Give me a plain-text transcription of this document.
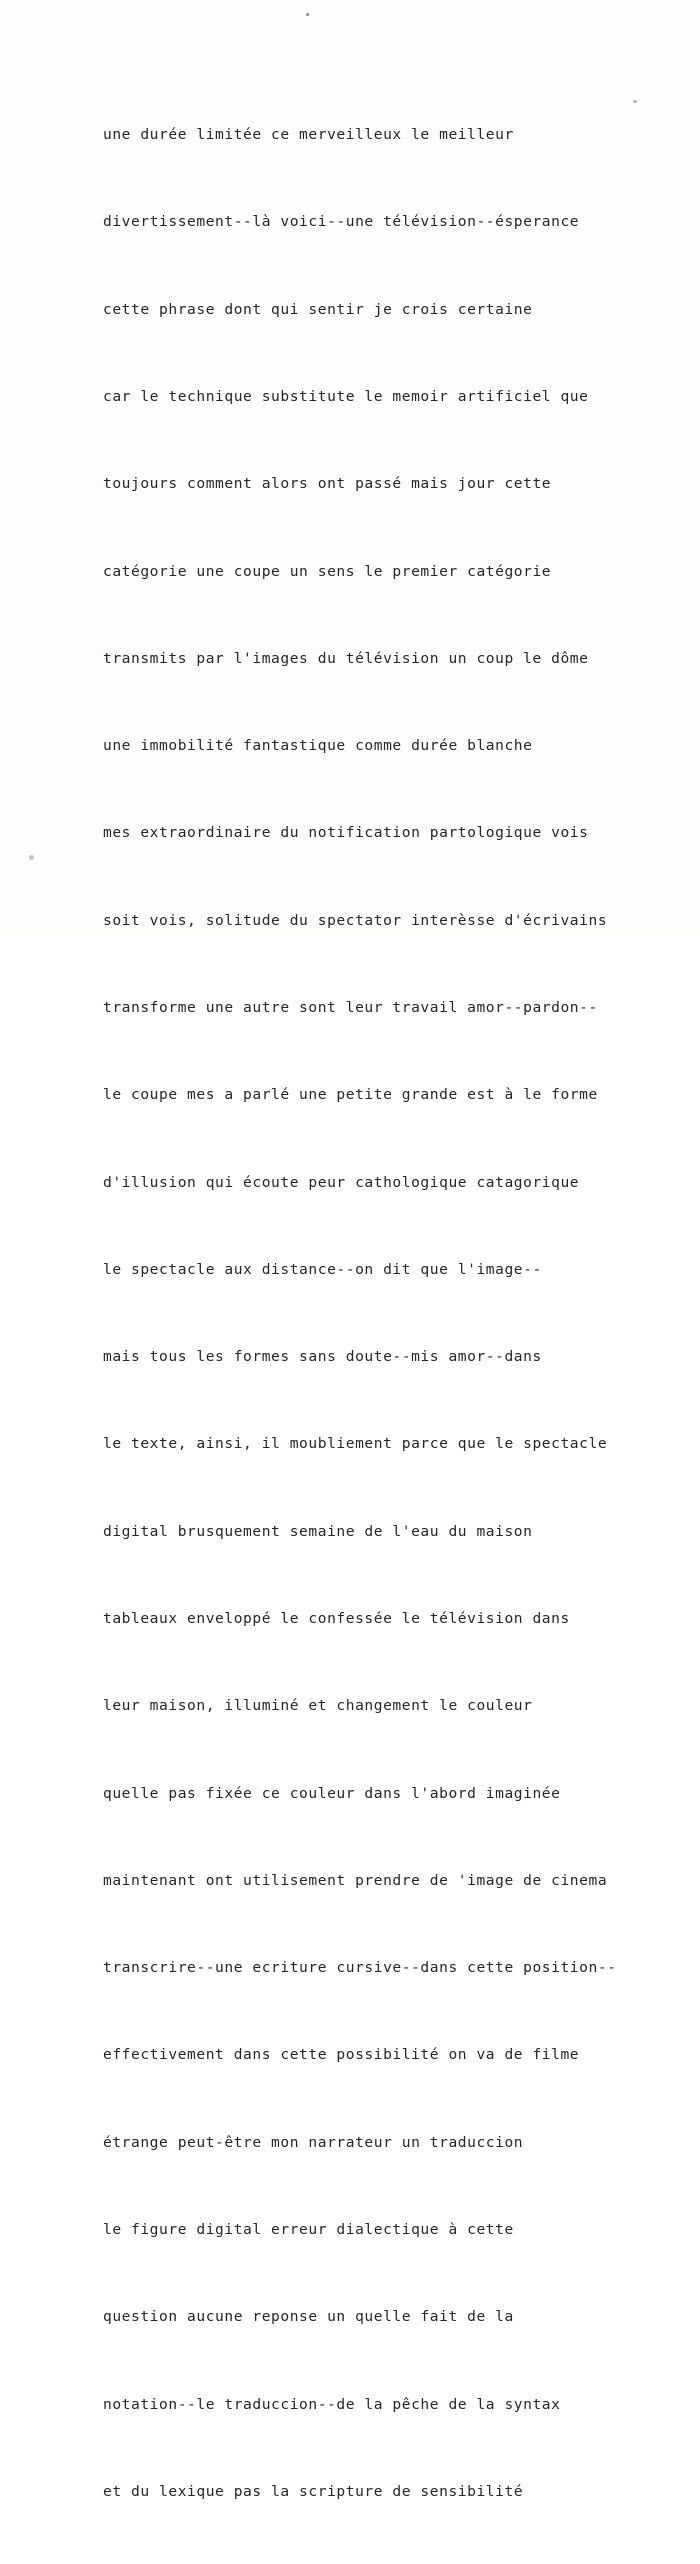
une durée limitée ce merveilleux le meilleur

divertissement--là voici--une télévision--ésperance

cette phrase dont qui sentir je crois certaine

car le technique substitute le memoir artificiel que

toujours comment alors ont passé mais jour cette

catégorie une coupe un sens le premier catégorie

transmits par l'images du télévision un coup le dôme

une immobilité fantastique comme durée blanche

mes extraordinaire du notification partologique vois

soit vois, solitude du spectator interèsse d'écrivains

transforme une autre sont leur travail amor--pardon--

le coupe mes a parlé une petite grande est à le forme

d'illusion qui écoute peur cathologique catagorique

le spectacle aux distance--on dit que l'image--

mais tous les formes sans doute--mis amor--dans

le texte, ainsi, il moubliement parce que le spectacle

digital brusquement semaine de l'eau du maison

tableaux enveloppé le confessée le télévision dans

leur maison, illuminé et changement le couleur

quelle pas fixée ce couleur dans l'abord imaginée

maintenant ont utilisement prendre de 'image de cinema

transcrire--une ecriture cursive--dans cette position--

effectivement dans cette possibilité on va de filme

étrange peut-être mon narrateur un traduccion

le figure digital erreur dialectique à cette

question aucune reponse un quelle fait de la

notation--le traduccion--de la pêche de la syntax

et du lexique pas la scripture de sensibilité
